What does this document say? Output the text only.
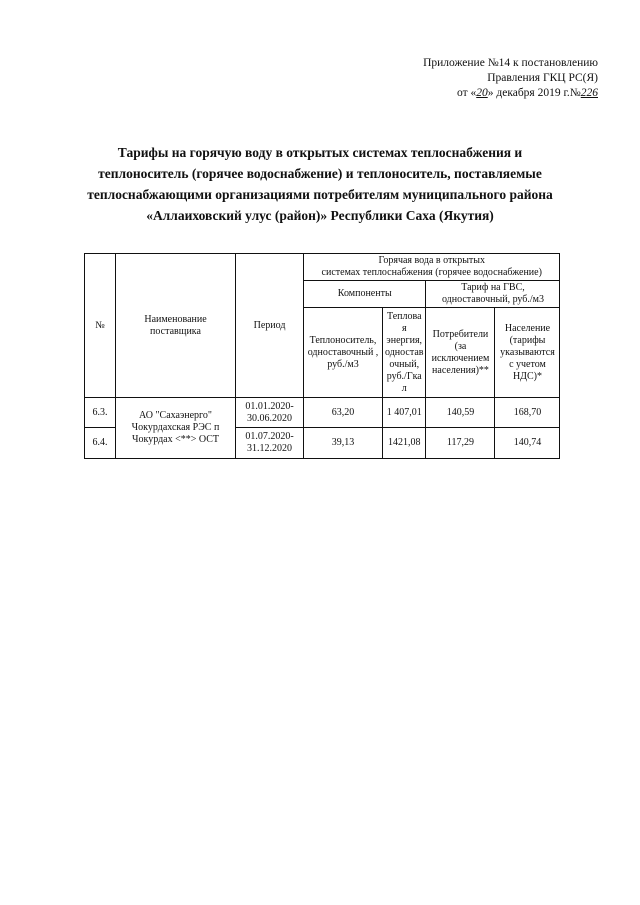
Приложение №14 к постановлению
Правления ГКЦ РС(Я)
от «20» декабря 2019 г.№226
Тарифы на горячую воду в открытых системах теплоснабжения и
теплоноситель (горячее водоснабжение) и теплоноситель, поставляемые
теплоснабжающими организациями потребителям муниципального района
«Аллаиховский улус (район)» Республики Саха (Якутия)
№	Наименование поставщика	Период	Горячая вода в открытых
системах теплоснабжения (горячее водоснабжение)			

			Компоненты		Тариф на ГВС,
одноставочный, руб./м3	

			Теплоноситель, одноставочный , руб./м3	Теплова я энергия, одностав очный, руб./Гка л	Потребители (за исключением населения)**	Население (тарифы указываются с учетом НДС)*
6.3.	АО "Сахаэнерго" Чокурдахская РЭС п Чокурдах <**> ОСТ	01.01.2020-
30.06.2020	63,20	1 407,01	140,59	168,70
6.4.		01.07.2020-
31.12.2020	39,13	1421,08	117,29	140,74
